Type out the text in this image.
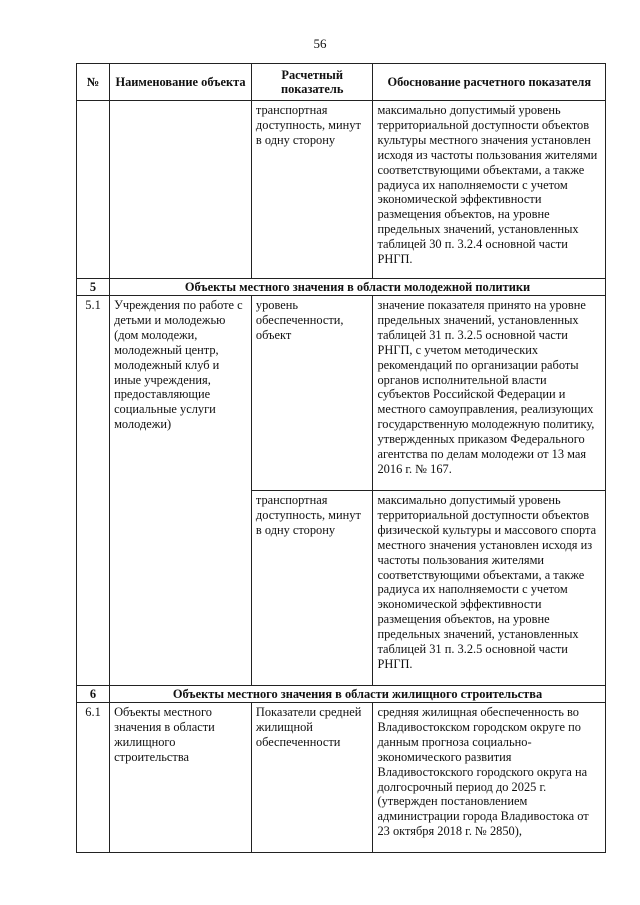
56
№	Наименование объекта	Расчетный показатель	Обоснование расчетного показателя
		транспортная доступность, минут в одну сторону	максимально допустимый уровень территориальной доступности объектов культуры местного значения установлен исходя из частоты пользования жителями соответствующими объектами, а также радиуса их наполняемости с учетом экономической эффективности размещения объектов, на уровне предельных значений, установленных таблицей 30 п. 3.2.4 основной части РНГП.
5	Объекты местного значения в области молодежной политики		
5.1	Учреждения по работе с детьми и молодежью (дом молодежи, молодежный центр, молодежный клуб и иные учреждения, предоставляющие социальные услуги молодежи)	уровень обеспеченности, объект	значение показателя принято на уровне предельных значений, установленных таблицей 31 п. 3.2.5 основной части РНГП, с учетом методических рекомендаций по организации работы органов исполнительной власти субъектов Российской Федерации и местного самоуправления, реализующих государственную молодежную политику, утвержденных приказом Федерального агентства по делам молодежи от 13 мая 2016 г. № 167.
		транспортная доступность, минут в одну сторону	максимально допустимый уровень территориальной доступности объектов физической культуры и массового спорта местного значения установлен исходя из частоты пользования жителями соответствующими объектами, а также радиуса их наполняемости с учетом экономической эффективности размещения объектов, на уровне предельных значений, установленных таблицей 31 п. 3.2.5 основной части РНГП.
6	Объекты местного значения в области жилищного строительства		
6.1	Объекты местного значения в области жилищного строительства	Показатели средней жилищной обеспеченности	средняя жилищная обеспеченность во Владивостокском городском округе по данным прогноза социально-экономического развития Владивостокского городского округа на долгосрочный период до 2025 г. (утвержден постановлением администрации города Владивостока от 23 октября 2018 г. № 2850),
